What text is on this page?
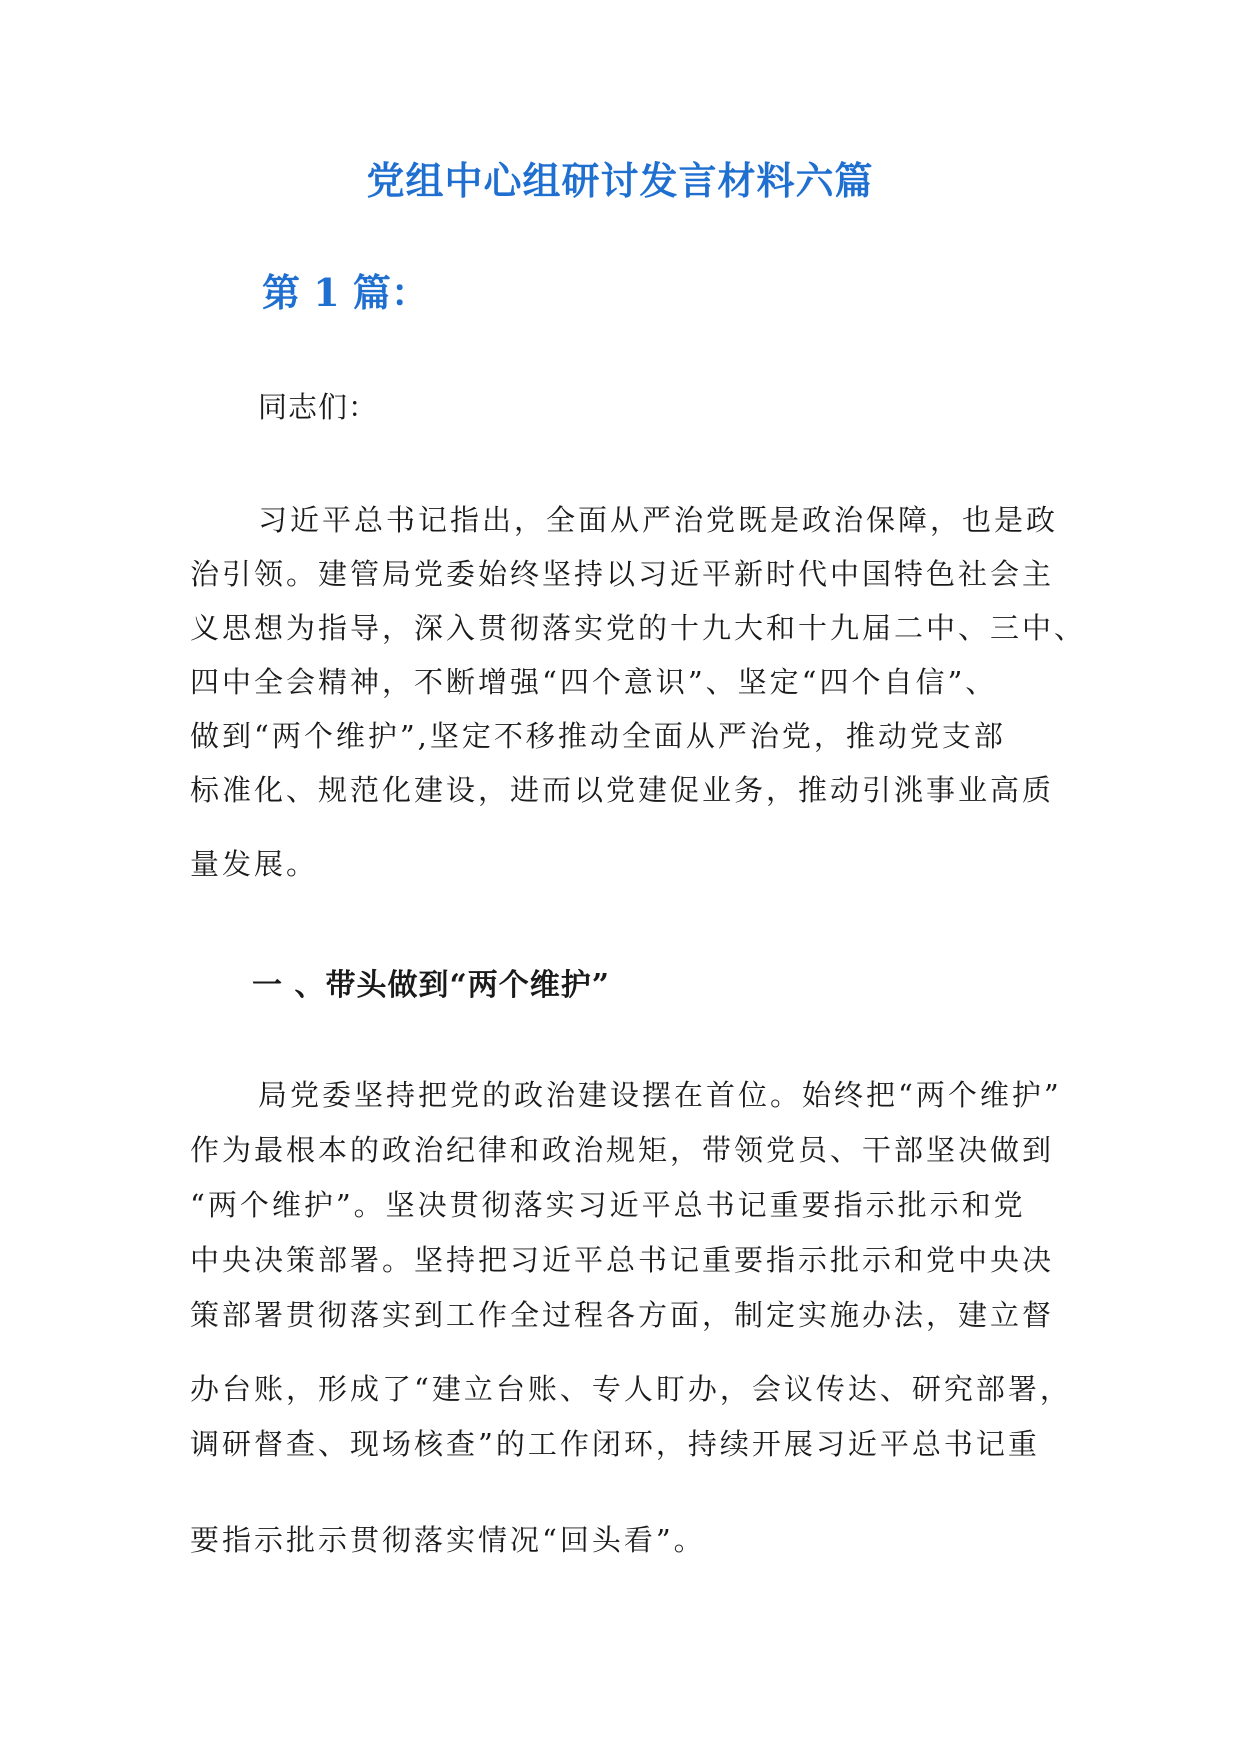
党组中心组研讨发言材料六篇
第 1 篇：
同志们：
习近平总书记指出，全面从严治党既是政治保障，也是政
治引领。建管局党委始终坚持以习近平新时代中国特色社会主
义思想为指导，深入贯彻落实党的十九大和十九届二中、三中、
四中全会精神，不断增强“四个意识”、坚定“四个自信”、
做到“两个维护”,坚定不移推动全面从严治党，推动党支部
标准化、规范化建设，进而以党建促业务，推动引洮事业高质
量发展。
一 、带头做到“两个维护”
局党委坚持把党的政治建设摆在首位。始终把“两个维护”
作为最根本的政治纪律和政治规矩，带领党员、干部坚决做到
“两个维护”。坚决贯彻落实习近平总书记重要指示批示和党
中央决策部署。坚持把习近平总书记重要指示批示和党中央决
策部署贯彻落实到工作全过程各方面，制定实施办法，建立督
办台账，形成了“建立台账、专人盯办，会议传达、研究部署，
调研督查、现场核查”的工作闭环，持续开展习近平总书记重
要指示批示贯彻落实情况“回头看”。
